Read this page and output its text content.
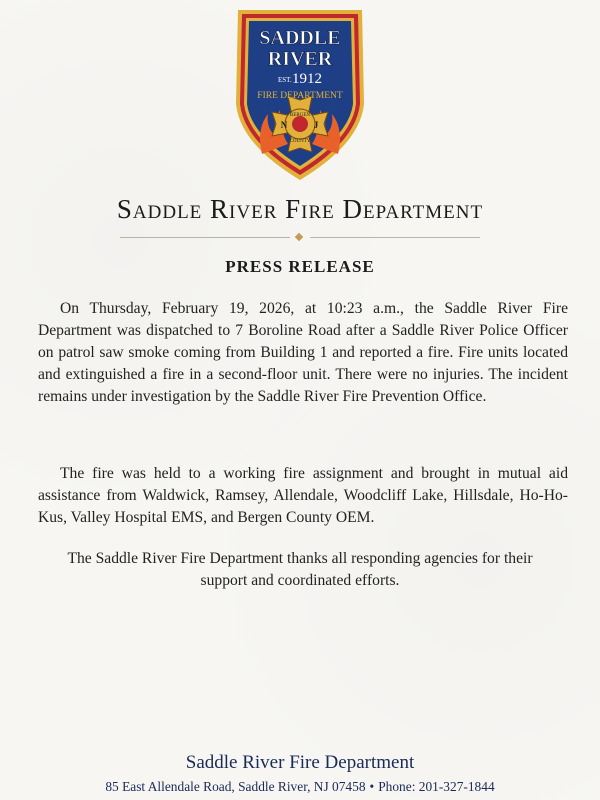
SADDLE
RIVER
EST. 1912
FIRE DEPARTMENT
BERGEN
N	J
COUNTY
Saddle River Fire Department
PRESS RELEASE
On Thursday, February 19, 2026, at 10:23 a.m., the Saddle River Fire Department was dispatched to 7 Boroline Road after a Saddle River Police Officer on patrol saw smoke coming from Building 1 and reported a fire. Fire units located and extinguished a fire in a second-floor unit. There were no injuries. The incident remains under investigation by the Saddle River Fire Prevention Office.
The fire was held to a working fire assignment and brought in mutual aid assistance from Waldwick, Ramsey, Allendale, Woodcliff Lake, Hillsdale, Ho-Ho-Kus, Valley Hospital EMS, and Bergen County OEM.
The Saddle River Fire Department thanks all responding agencies for their support and coordinated efforts.
Saddle River Fire Department
85 East Allendale Road, Saddle River, NJ 07458 • Phone: 201-327-1844
